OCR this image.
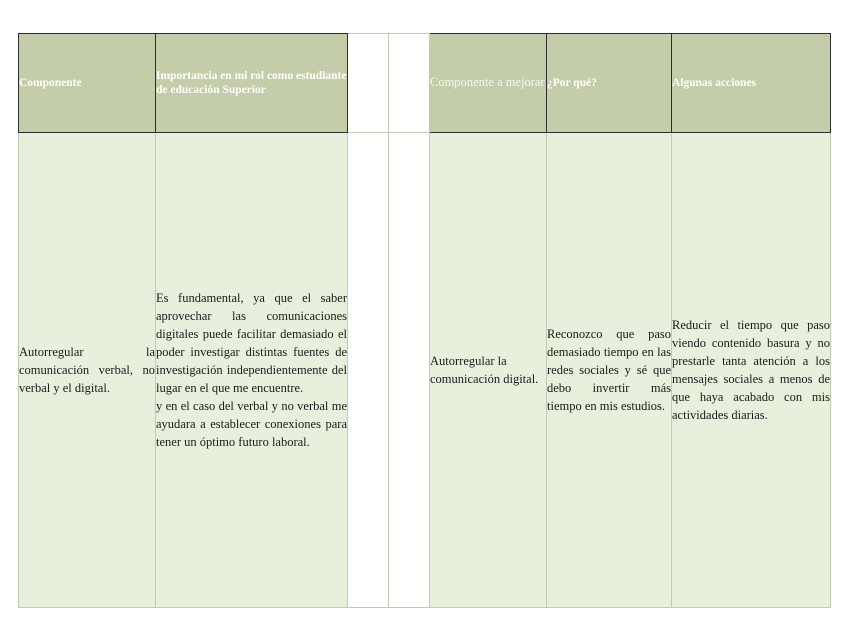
Componente	Importancia en mi rol como estudiante de educación Superior			Componente a mejorar	¿Por qué?	Algunas acciones
Autorregular la comunicación verbal, no verbal y el digital.	Es fundamental, ya que el saber aprovechar las comunicaciones digitales puede facilitar demasiado el poder investigar distintas fuentes de investigación independientemente del lugar en el que me encuentre.
y en el caso del verbal y no verbal me ayudara a establecer conexiones para tener un óptimo futuro laboral.			Autorregular la comunicación digital.	Reconozco que paso demasiado tiempo en las redes sociales y sé que debo invertir más tiempo en mis estudios.	Reducir el tiempo que paso viendo contenido basura y no prestarle tanta atención a los mensajes sociales a menos de que haya acabado con mis actividades diarias.
